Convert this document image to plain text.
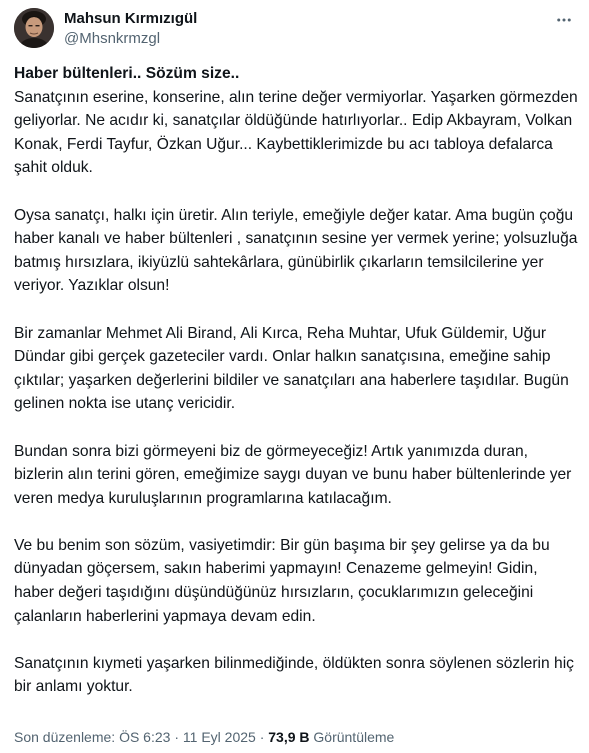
Mahsun Kırmızıgül
@Mhsnkrmzgl

Haber bültenleri.. Sözüm size..

Sanatçının eserine, konserine, alın terine değer vermiyorlar. Yaşarken görmezden geliyorlar. Ne acıdır ki, sanatçılar öldüğünde hatırlıyorlar.. Edip Akbayram, Volkan Konak, Ferdi Tayfur, Özkan Uğur... Kaybettiklerimizde bu acı tabloya defalarca şahit olduk.

Oysa sanatçı, halkı için üretir. Alın teriyle, emeğiyle değer katar. Ama bugün çoğu haber kanalı ve haber bültenleri , sanatçının sesine yer vermek yerine; yolsuzluğa batmış hırsızlara, ikiyüzlü sahtekârlara, günübirlik çıkarların temsilcilerine yer veriyor. Yazıklar olsun!

Bir zamanlar Mehmet Ali Birand, Ali Kırca, Reha Muhtar, Ufuk Güldemir, Uğur Dündar gibi gerçek gazeteciler vardı. Onlar halkın sanatçısına, emeğine sahip çıktılar; yaşarken değerlerini bildiler ve sanatçıları ana haberlere taşıdılar. Bugün gelinen nokta ise utanç vericidir.

Bundan sonra bizi görmeyeni biz de görmeyeceğiz! Artık yanımızda duran, bizlerin alın terini gören, emeğimize saygı duyan ve bunu haber bültenlerinde yer veren medya kuruluşlarının programlarına katılacağım.

Ve bu benim son sözüm, vasiyetimdir: Bir gün başıma bir şey gelirse ya da bu dünyadan göçersem, sakın haberimi yapmayın! Cenazeme gelmeyin! Gidin, haber değeri taşıdığını düşündüğünüz hırsızların, çocuklarımızın geleceğini çalanların haberlerini yapmaya devam edin.

Sanatçının kıymeti yaşarken bilinmediğinde, öldükten sonra söylenen sözlerin hiç bir anlamı yoktur.

Son düzenleme: ÖS 6:23 · 11 Eyl 2025 · 73,9 B Görüntüleme
